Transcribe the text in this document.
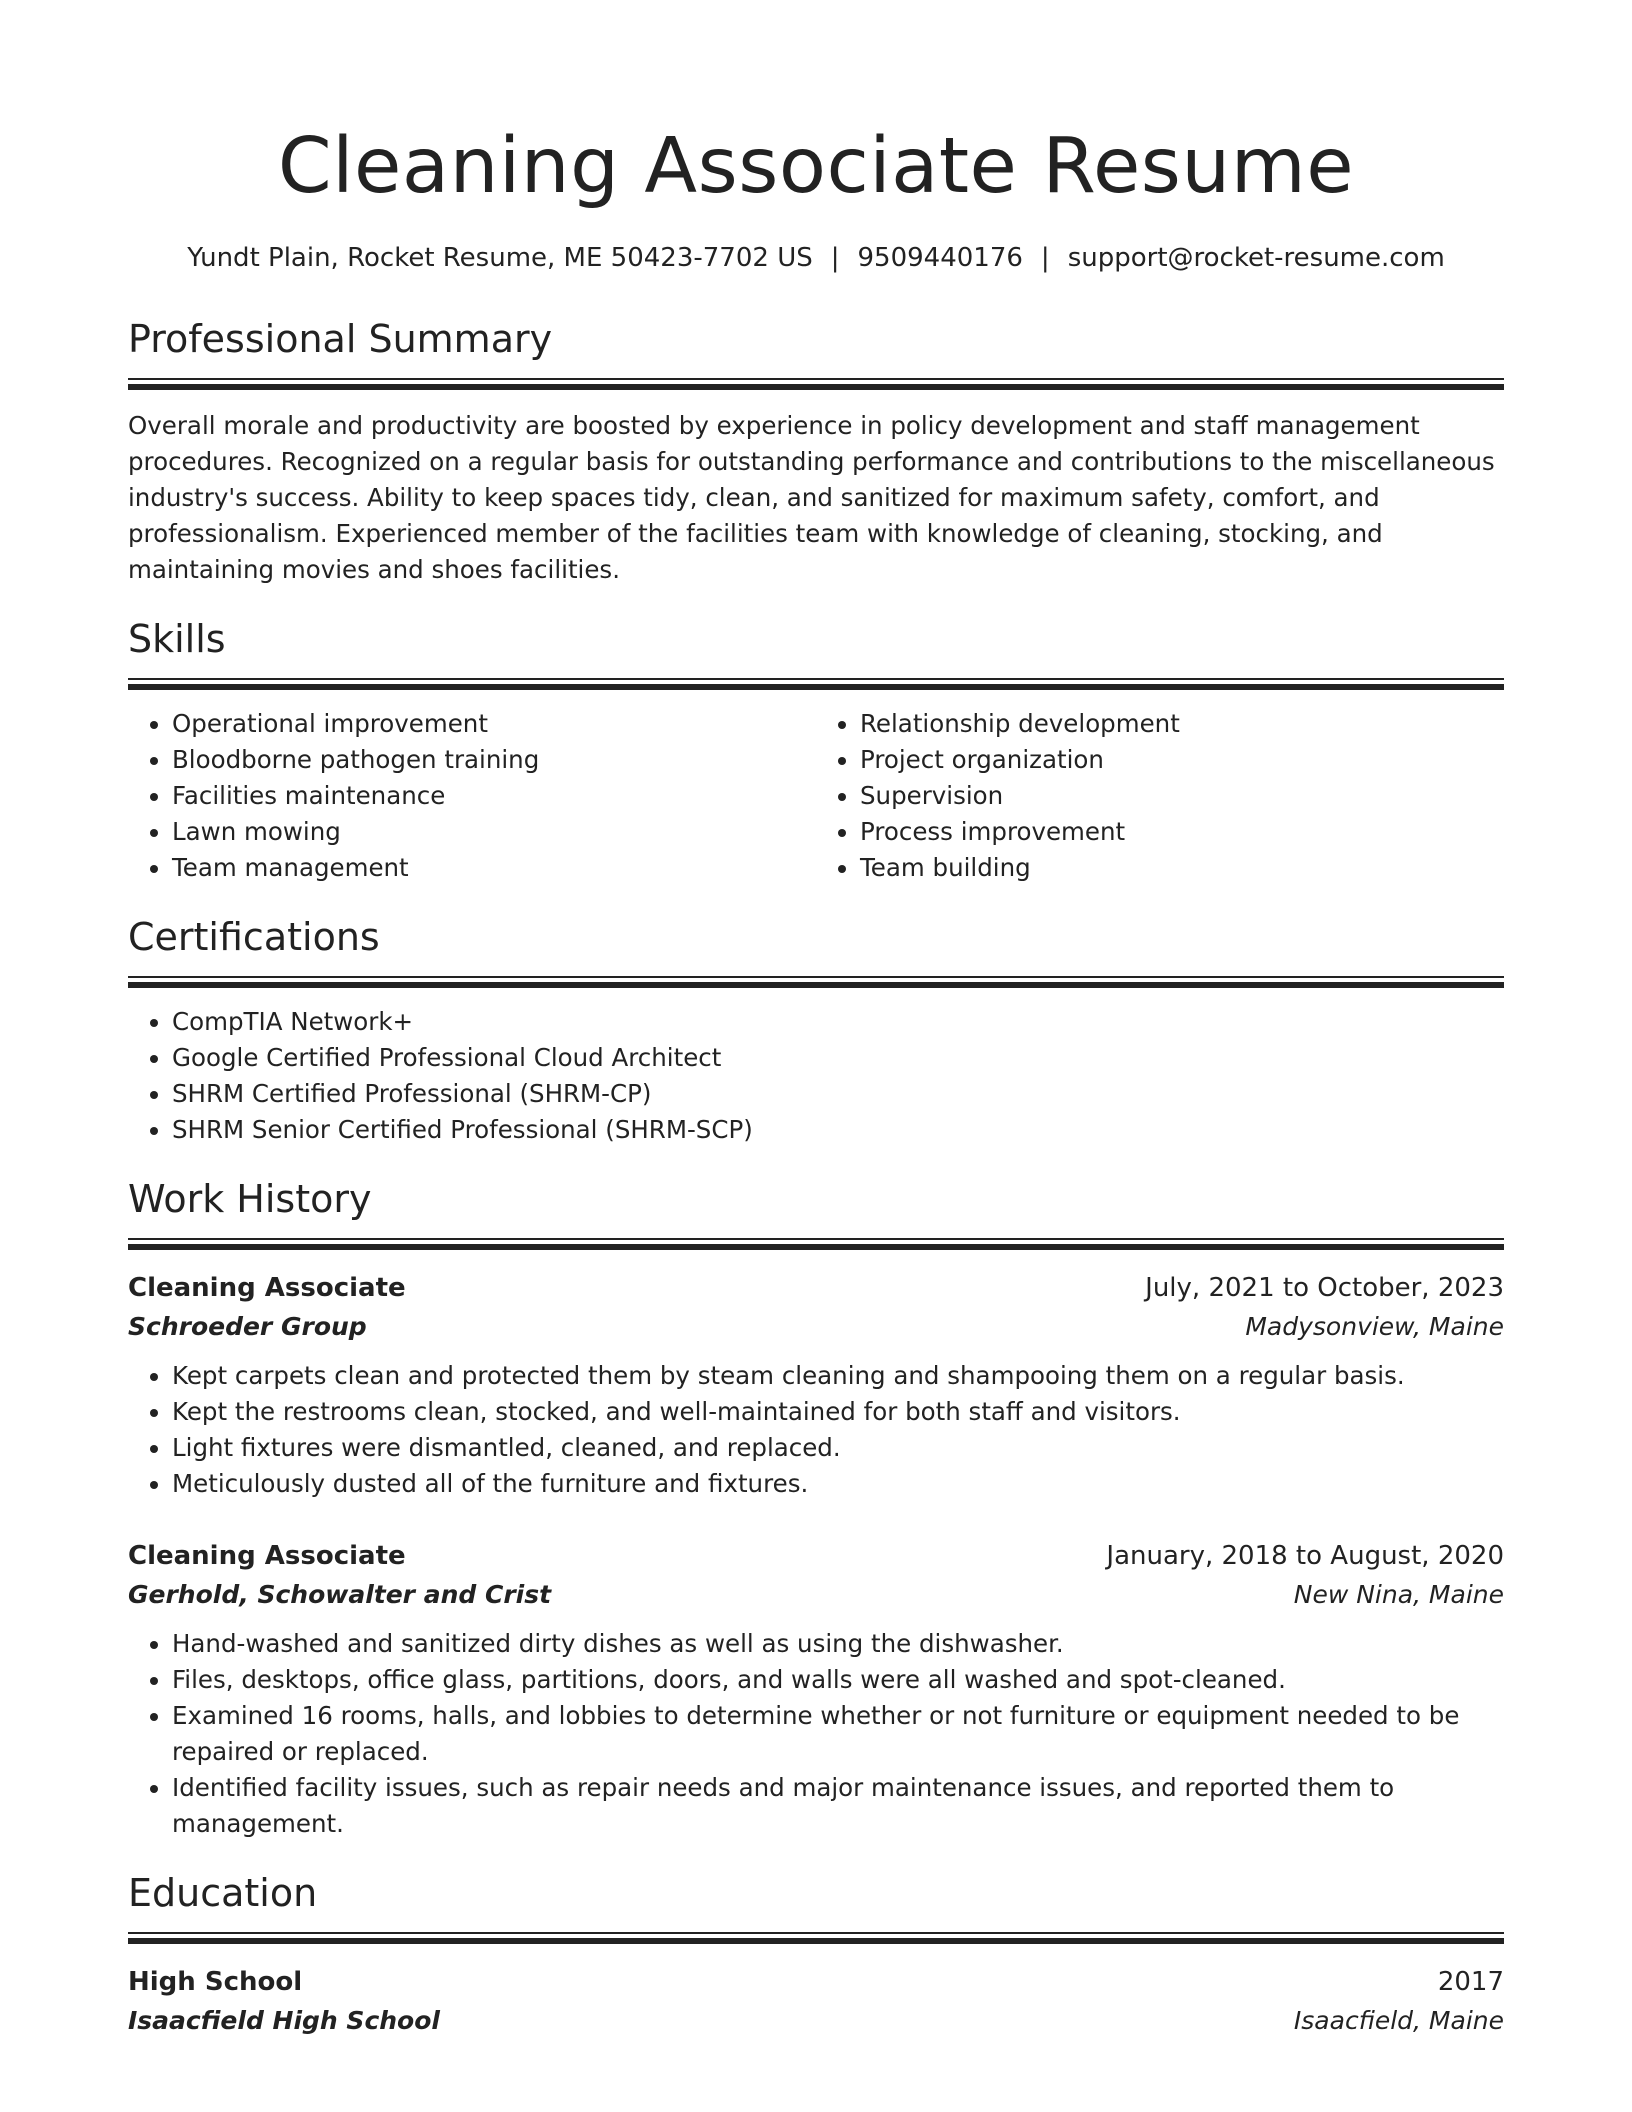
Cleaning Associate Resume
Yundt Plain, Rocket Resume, ME 50423-7702 US | 9509440176 | support@rocket-resume.com
Professional Summary

Overall morale and productivity are boosted by experience in policy development and staff management procedures. Recognized on a regular basis for outstanding performance and contributions to the miscellaneous industry's success. Ability to keep spaces tidy, clean, and sanitized for maximum safety, comfort, and professionalism. Experienced member of the facilities team with knowledge of cleaning, stocking, and maintaining movies and shoes facilities.

Skills
• Operational improvement
• Bloodborne pathogen training
• Facilities maintenance
• Lawn mowing
• Team management
• Relationship development
• Project organization
• Supervision
• Process improvement
• Team building
Certifications
• CompTIA Network+
• Google Certified Professional Cloud Architect
• SHRM Certified Professional (SHRM-CP)
• SHRM Senior Certified Professional (SHRM-SCP)
Work History
Cleaning Associate	July, 2021 to October, 2023
Schroeder Group	Madysonview, Maine
• Kept carpets clean and protected them by steam cleaning and shampooing them on a regular basis.
• Kept the restrooms clean, stocked, and well-maintained for both staff and visitors.
• Light fixtures were dismantled, cleaned, and replaced.
• Meticulously dusted all of the furniture and fixtures.
Cleaning Associate	January, 2018 to August, 2020
Gerhold, Schowalter and Crist	New Nina, Maine
• Hand-washed and sanitized dirty dishes as well as using the dishwasher.
• Files, desktops, office glass, partitions, doors, and walls were all washed and spot-cleaned.
• Examined 16 rooms, halls, and lobbies to determine whether or not furniture or equipment needed to be repaired or replaced.
• Identified facility issues, such as repair needs and major maintenance issues, and reported them to management.
Education
High School	2017
Isaacfield High School	Isaacfield, Maine
